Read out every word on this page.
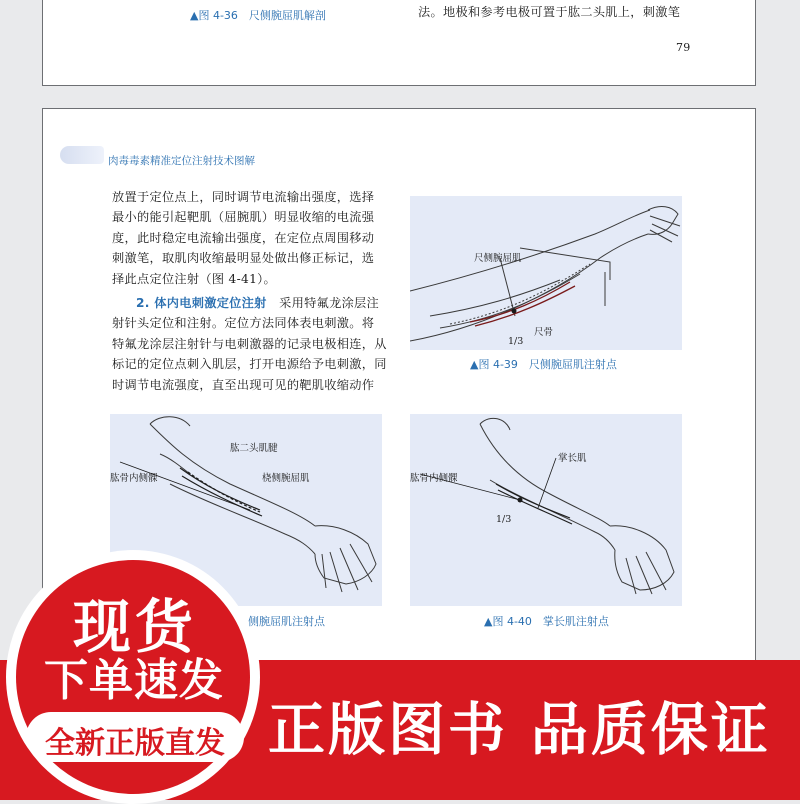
▲图 4-36　尺侧腕屈肌解剖	法。地极和参考电极可置于肱二头肌上，刺激笔
79
肉毒毒素精准定位注射技术图解
放置于定位点上，同时调节电流输出强度，选择
最小的能引起靶肌（屈腕肌）明显收缩的电流强
度，此时稳定电流输出强度，在定位点周围移动
刺激笔，取肌肉收缩最明显处做出修正标记，选
择此点定位注射（图 4-41）。
2. 体内电刺激定位注射　采用特氟龙涂层注
射针头定位和注射。定位方法同体表电刺激。将
特氟龙涂层注射针与电刺激器的记录电极相连，从
标记的定位点刺入肌层，打开电源给予电刺激，同
时调节电流强度，直至出现可见的靶肌收缩动作
尺侧腕屈肌
尺骨
1/3
▲图 4-39　尺侧腕屈肌注射点
肱二头肌腱
肱骨内侧髁	桡侧腕屈肌
侧腕屈肌注射点
掌长肌
肱骨内侧髁
1/3
▲图 4-40　掌长肌注射点
正版图书 品质保证
现货
下单速发
全新正版直发
